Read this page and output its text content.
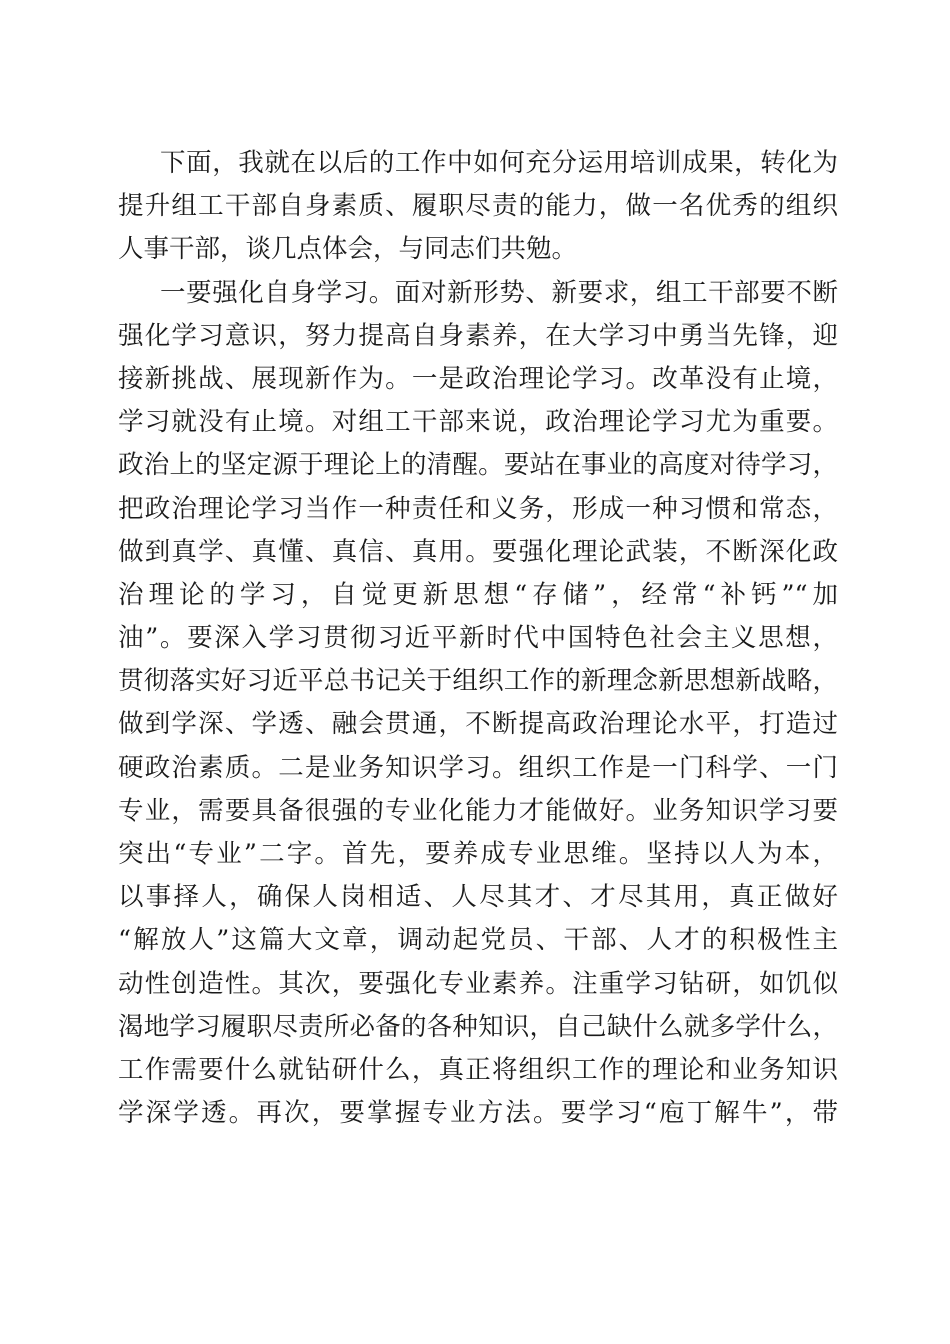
下面，我就在以后的工作中如何充分运用培训成果，转化为
提升组工干部自身素质、履职尽责的能力，做一名优秀的组织
人事干部，谈几点体会，与同志们共勉。
一要强化自身学习。面对新形势、新要求，组工干部要不断
强化学习意识，努力提高自身素养，在大学习中勇当先锋，迎
接新挑战、展现新作为。一是政治理论学习。改革没有止境，
学习就没有止境。对组工干部来说，政治理论学习尤为重要。
政治上的坚定源于理论上的清醒。要站在事业的高度对待学习，
把政治理论学习当作一种责任和义务，形成一种习惯和常态，
做到真学、真懂、真信、真用。要强化理论武装，不断深化政
治理论的学习，自觉更新思想“存储”，经常“补钙”“加
油”。要深入学习贯彻习近平新时代中国特色社会主义思想，
贯彻落实好习近平总书记关于组织工作的新理念新思想新战略，
做到学深、学透、融会贯通，不断提高政治理论水平，打造过
硬政治素质。二是业务知识学习。组织工作是一门科学、一门
专业，需要具备很强的专业化能力才能做好。业务知识学习要
突出“专业”二字。首先，要养成专业思维。坚持以人为本，
以事择人，确保人岗相适、人尽其才、才尽其用，真正做好
“解放人”这篇大文章，调动起党员、干部、人才的积极性主
动性创造性。其次，要强化专业素养。注重学习钻研，如饥似
渴地学习履职尽责所必备的各种知识，自己缺什么就多学什么，
工作需要什么就钻研什么，真正将组织工作的理论和业务知识
学深学透。再次，要掌握专业方法。要学习“庖丁解牛”，带
